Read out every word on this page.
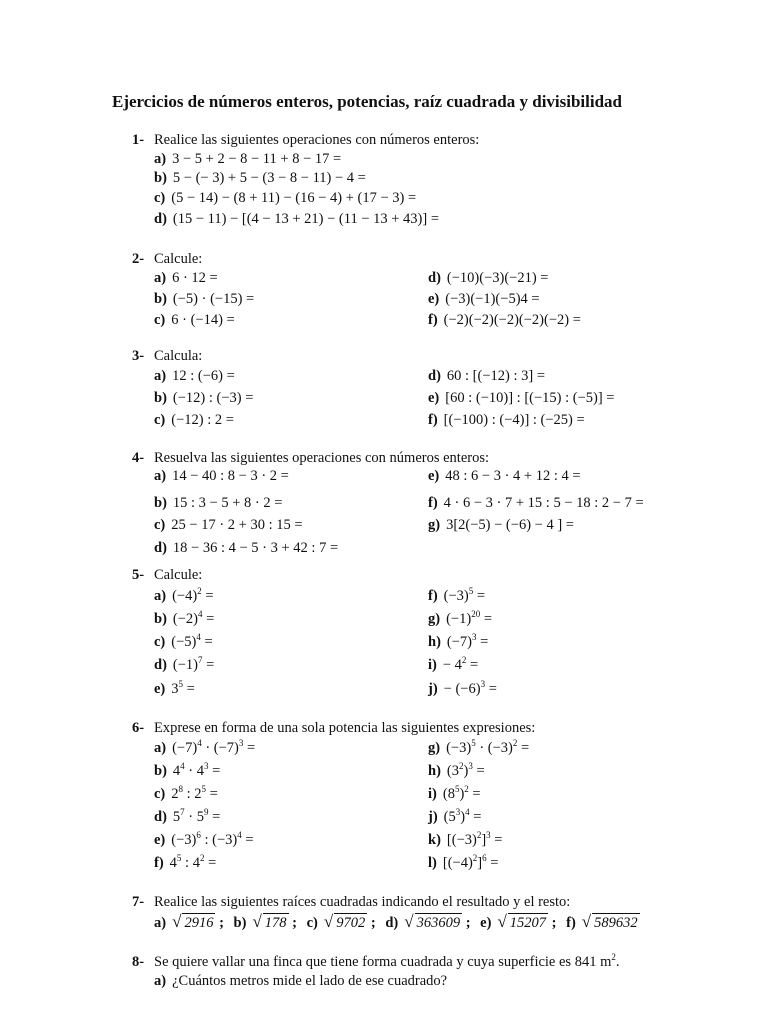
Ejercicios de números enteros, potencias, raíz cuadrada y divisibilidad
1- Realice las siguientes operaciones con números enteros:
a) 3 − 5 + 2 − 8 − 11 + 8 − 17 =
b) 5 − (− 3) + 5 − (3 − 8 − 11) − 4 =
c) (5 − 14) − (8 + 11) − (16 − 4) + (17 − 3) =
d) (15 − 11) − [(4 − 13 + 21) − (11 − 13 + 43)] =
2- Calcule:
a) 6 · 12 =
b) (−5) · (−15) =
c) 6 · (−14) =
d) (−10)(−3)(−21) =
e) (−3)(−1)(−5)4 =
f) (−2)(−2)(−2)(−2)(−2) =
3- Calcula:
a) 12 : (−6) =
b) (−12) : (−3) =
c) (−12) : 2 =
d) 60 : [(−12) : 3] =
e) [60 : (−10)] : [(−15) : (−5)] =
f) [(−100) : (−4)] : (−25) =
4- Resuelva las siguientes operaciones con números enteros:
a) 14 − 40 : 8 − 3 · 2 =
b) 15 : 3 − 5 + 8 · 2 =
c) 25 − 17 · 2 + 30 : 15 =
d) 18 − 36 : 4 − 5 · 3 + 42 : 7 =
e) 48 : 6 − 3 · 4 + 12 : 4 =
f) 4 · 6 − 3 · 7 + 15 : 5 − 18 : 2 − 7 =
g) 3[2(−5) − (−6) − 4 ] =
5- Calcule:
a) $(-4)^2$ =
b) $(-2)^4$ =
c) $(-5)^4$ =
d) $(-1)^7$ =
e) $3^5$ =
f) $(-3)^5$ =
g) $(-1)^{20}$ =
h) $(-7)^3$ =
$i) - 4^2$ =
$j) - (-6)^3$ =
6- Exprese en forma de una sola potencia las siguientes expresiones:
a) $(-7)^4 \cdot (-7)^3$ =
b) $4^4 \cdot 4^3$ =
c) $2^8$ : $2^5$ =
d) $5^7 \cdot 5^9$ =
e) $(-3)^6$ : $(-3)^4$ =
f) $4^5$ : $4^2$ =
g) $(-3)^5 \cdot (-3)^2$ =
h) $(3^2)^3$ =
i) $(8^5)^2$ =
j) $(5^3)^4$ =
k) $[(-3)^2]^3$ =
l) $[(-4)^2]^6$ =
7- Realice las siguientes raíces cuadradas indicando el resultado y el resto:
a) √ 2916 ; b) √ 178 ; c) √ 9702 ; d) √ 363609 ; e) √ 15207 ; f) √ 589632
8- Se quiere vallar una finca que tiene forma cuadrada y cuya superficie es 841 $m^2$.
a) ¿Cuántos metros mide el lado de ese cuadrado?
